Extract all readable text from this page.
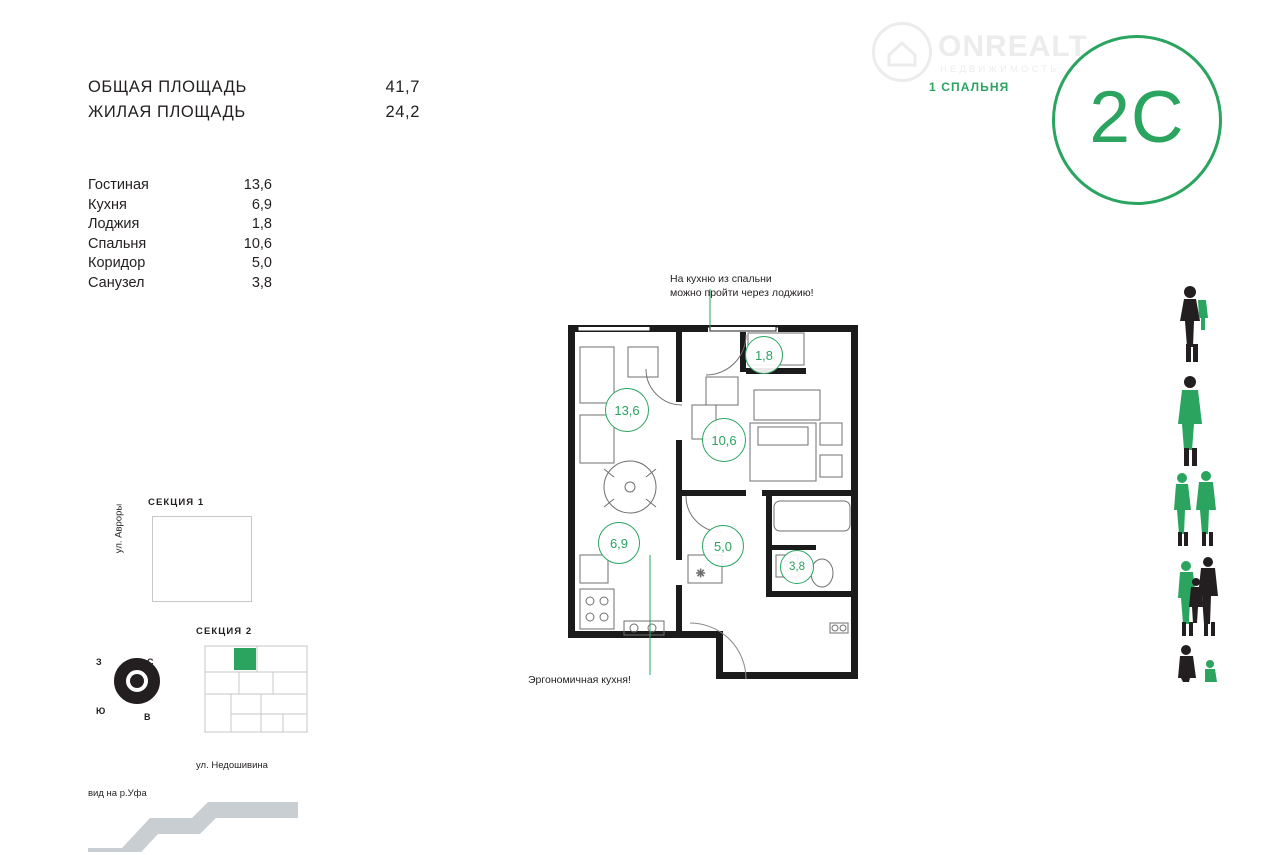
ОБЩАЯ ПЛОЩАДЬ	41,7
ЖИЛАЯ ПЛОЩАДЬ	24,2
Гостиная	13,6
Кухня	6,9
Лоджия	1,8
Спальня	10,6
Коридор	5,0
Санузел	3,8
ONREALT
НЕДВИЖИМОСТЬ
1 СПАЛЬНЯ 2C
На кухню из спальни
можно пройти через лоджию!
Эргономичная кухня!
✳
1,8
13,6
10,6
6,9	5,0
3,8
СЕКЦИЯ 1
СЕКЦИЯ 2
ул. Авроры
ул. Недошивина
вид на р.Уфа
С
З
Ю
В
